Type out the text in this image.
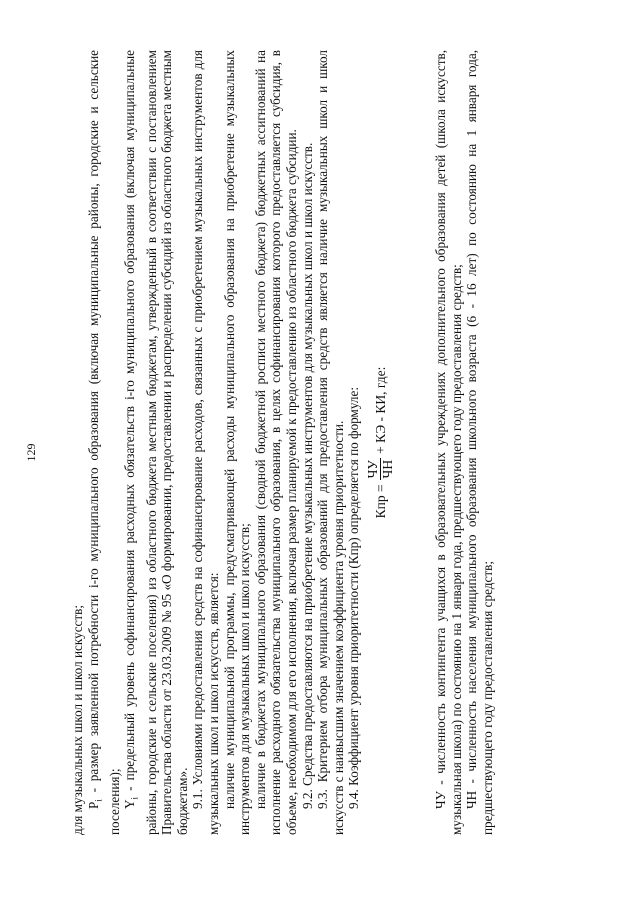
129

для музыкальных школ и школ искусств; $Р_i$ - размер заявленной потребности i-го муниципального образования (включая муниципальные районы, городские и сельские поселения); $Y_i$ - предельный уровень софинансирования расходных обязательств i-го муниципального образования (включая муниципальные районы, городские и сельские поселения) из областного бюджета местным бюджетам, утвержденный в соответствии с постановлением Правительства области от 23.03.2009 № 95 «О формировании, предоставлении и распределении субсидий из областного бюджета местным бюджетам». 9.1. Условиями предоставления средств на софинансирование расходов, связанных с приобретением музыкальных инструментов для музыкальных школ и школ искусств, является: наличие муниципальной программы, предусматривающей расходы муниципального образования на приобретение музыкальных инструментов для музыкальных школ и школ искусств; наличие в бюджетах муниципального образования (сводной бюджетной росписи местного бюджета) бюджетных ассигнований на исполнение расходного обязательства муниципального образования, в целях софинансирования которого предоставляется субсидия, в объеме, необходимом для его исполнения, включая размер планируемой к предоставлению из областного бюджета субсидии. 9.2. Средства предоставляются на приобретение музыкальных инструментов для музыкальных школ и школ искусств. 9.3. Критерием отбора муниципальных образований для предоставления средств является наличие музыкальных школ и школ искусств с наивысшим значением коэффициента уровня приоритетности. 9.4. Коэффициент уровня приоритетности (Кпр) определяется по формуле: Кпр =
ЧУ ЧН
+ КЭ - КИ, где:	ЧУ - численность контингента учащихся в образовательных учреждениях дополнительного образования детей (школа искусств, музыкальная школа) по состоянию на 1 января года, предшествующего году предоставления средств; ЧН - численность населения муниципального образования школьного возраста (6 - 16 лет) по состоянию на 1 января года, предшествующего году предоставления средств;
